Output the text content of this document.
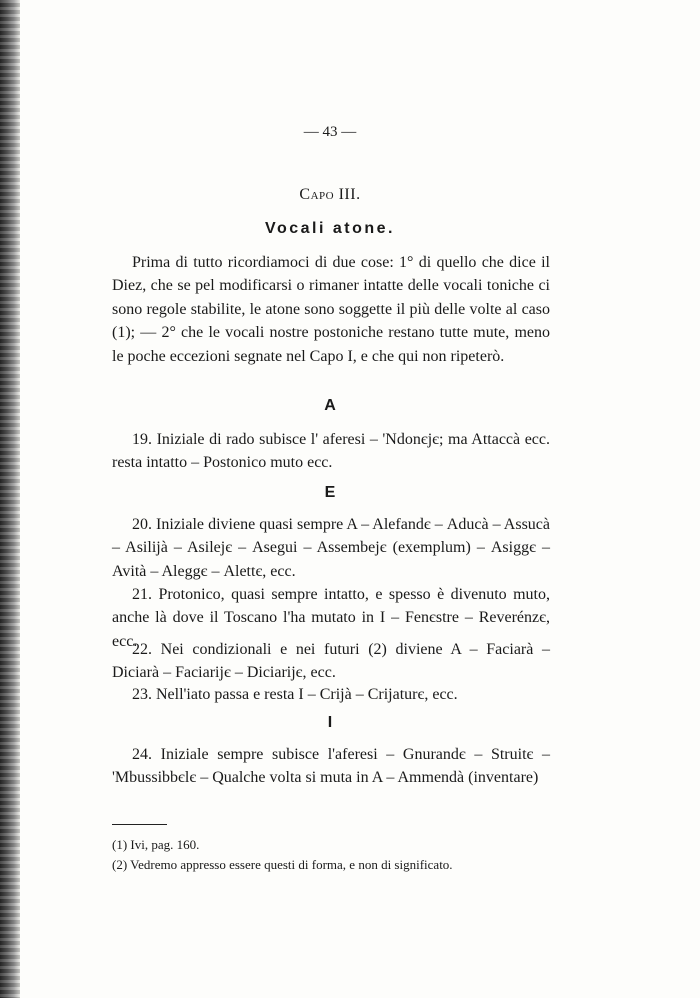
— 43 —
Capo III.
Vocali atone.

Prima di tutto ricordiamoci di due cose: 1° di quello che dice il Diez, che se pel modificarsi o rimaner intatte delle vocali toniche ci sono regole stabilite, le atone sono soggette il più delle volte al caso (1); — 2° che le vocali nostre postoniche restano tutte mute, meno le poche eccezioni segnate nel Capo I, e che qui non ripeterò.

A

19. Iniziale di rado subisce l' aferesi – 'Ndonєjє; ma Attaccà ecc. resta intatto – Postonico muto ecc.

E

20. Iniziale diviene quasi sempre A – Alefandє – Aducà – Assucà – Asilijà – Asilejє – Asegui – Assembejє (exemplum) – Asiggє – Avità – Aleggє – Alettє, ecc.

21. Protonico, quasi sempre intatto, e spesso è divenuto muto, anche là dove il Toscano l'ha mutato in I – Fenєstre – Reverénzє, ecc.

22. Nei condizionali e nei futuri (2) diviene A – Faciarà – Diciarà – Faciarijє – Diciarijє, ecc.

23. Nell'iato passa e resta I – Crijà – Crijaturє, ecc.

I

24. Iniziale sempre subisce l'aferesi – Gnurandє – Struitє – 'Mbussibbєlє – Qualche volta si muta in A – Ammendà (inventare)

(1) Ivi, pag. 160.

(2) Vedremo appresso essere questi di forma, e non di significato.
